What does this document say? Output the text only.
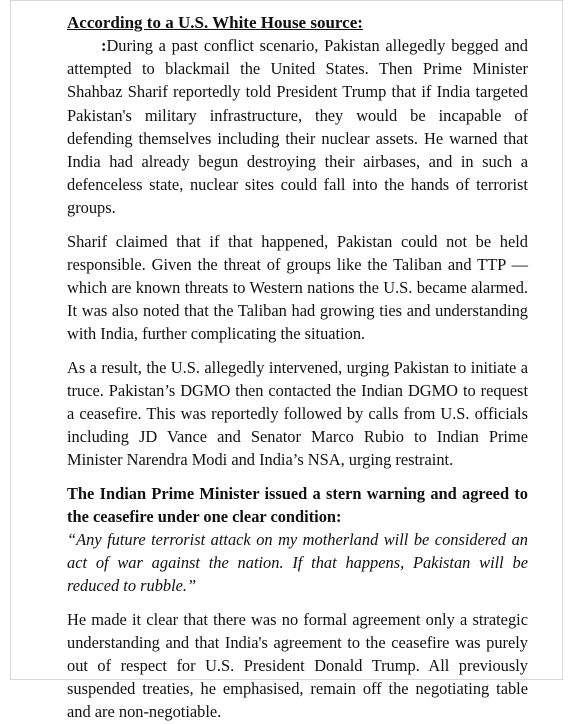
According to a U.S. White House source:

:During a past conflict scenario, Pakistan allegedly begged and attempted to blackmail the United States. Then Prime Minister Shahbaz Sharif reportedly told President Trump that if India targeted Pakistan's military infrastructure, they would be incapable of defending themselves including their nuclear assets. He warned that India had already begun destroying their airbases, and in such a defenceless state, nuclear sites could fall into the hands of terrorist groups.

Sharif claimed that if that happened, Pakistan could not be held responsible. Given the threat of groups like the Taliban and TTP — which are known threats to Western nations the U.S. became alarmed. It was also noted that the Taliban had growing ties and understanding with India, further complicating the situation.

As a result, the U.S. allegedly intervened, urging Pakistan to initiate a truce. Pakistan’s DGMO then contacted the Indian DGMO to request a ceasefire. This was reportedly followed by calls from U.S. officials including JD Vance and Senator Marco Rubio to Indian Prime Minister Narendra Modi and India’s NSA, urging restraint.

The Indian Prime Minister issued a stern warning and agreed to the ceasefire under one clear condition:

“Any future terrorist attack on my motherland will be considered an act of war against the nation. If that happens, Pakistan will be reduced to rubble.”

He made it clear that there was no formal agreement only a strategic understanding and that India's agreement to the ceasefire was purely out of respect for U.S. President Donald Trump. All previously suspended treaties, he emphasised, remain off the negotiating table and are non-negotiable.
